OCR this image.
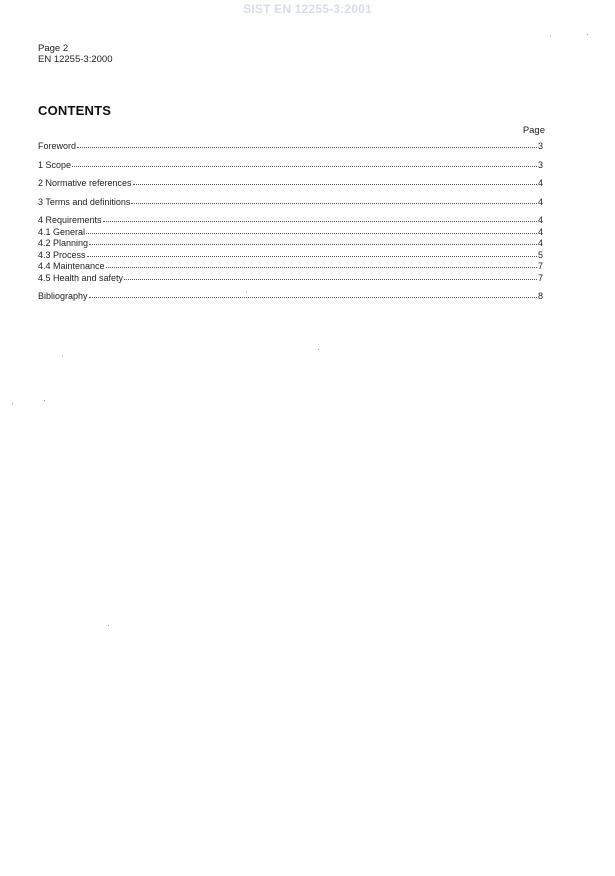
SIST EN 12255-3:2001
Page 2
EN 12255-3:2000
CONTENTS
Page
Foreword	3
1 Scope	3
2 Normative references	4
3 Terms and definitions	4
4 Requirements	4
4.1 General	4
4.2 Planning	4
4.3 Process	5
4.4 Maintenance	7
4.5 Health and safety	7
Bibliography	8
